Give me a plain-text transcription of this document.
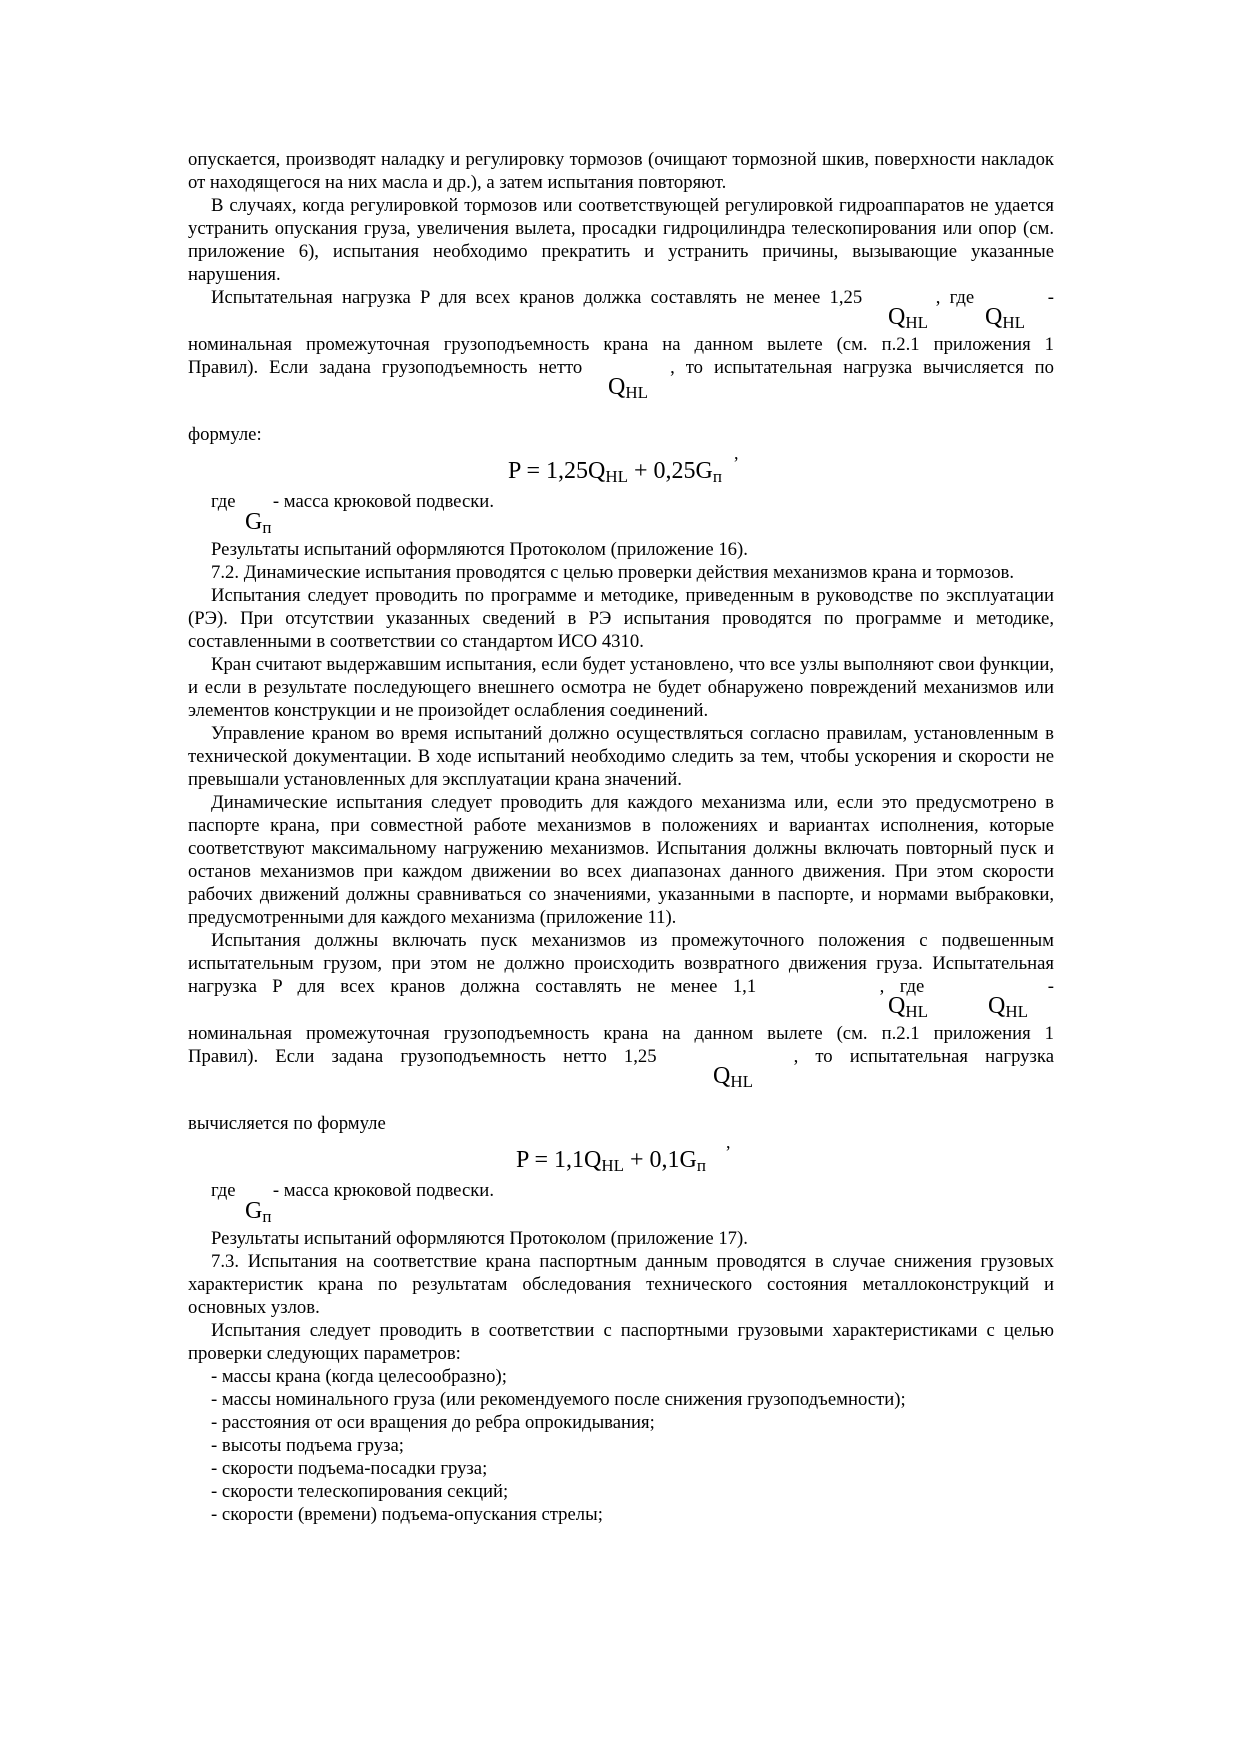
опускается, производят наладку и регулировку тормозов (очищают тормозной шкив, поверхности накладок от находящегося на них масла и др.), а затем испытания повторяют.

В случаях, когда регулировкой тормозов или соответствующей регулировкой гидроаппаратов не удается устранить опускания груза, увеличения вылета, просадки гидроцилиндра телескопирования или опор (см. приложение 6), испытания необходимо прекратить и устранить причины, вызывающие указанные нарушения.

Испытательная нагрузка P для всех кранов должка составлять не менее 1,25        , где        -

$Q_{HL}$ $Q_{HL}$

номинальная промежуточная грузоподъемность крана на данном вылете (см. п.2.1 приложения 1

Правил). Если задана грузоподъемность нетто        , то испытательная нагрузка вычисляется по

$Q_{HL}$

формуле:

,
$P = 1,25Q_{HL} + 0,25G_п$
где        - масса крюковой подвески.
$G_п$

Результаты испытаний оформляются Протоколом (приложение 16).

7.2. Динамические испытания проводятся с целью проверки действия механизмов крана и тормозов.

Испытания следует проводить по программе и методике, приведенным в руководстве по эксплуатации (РЭ). При отсутствии указанных сведений в РЭ испытания проводятся по программе и методике, составленными в соответствии со стандартом ИСО 4310.

Кран считают выдержавшим испытания, если будет установлено, что все узлы выполняют свои функции, и если в результате последующего внешнего осмотра не будет обнаружено повреждений механизмов или элементов конструкции и не произойдет ослабления соединений.

Управление краном во время испытаний должно осуществляться согласно правилам, установленным в технической документации. В ходе испытаний необходимо следить за тем, чтобы ускорения и скорости не превышали установленных для эксплуатации крана значений.

Динамические испытания следует проводить для каждого механизма или, если это предусмотрено в паспорте крана, при совместной работе механизмов в положениях и вариантах исполнения, которые соответствуют максимальному нагружению механизмов. Испытания должны включать повторный пуск и останов механизмов при каждом движении во всех диапазонах данного движения. При этом скорости рабочих движений должны сравниваться со значениями, указанными в паспорте, и нормами выбраковки, предусмотренными для каждого механизма (приложение 11).

Испытания должны включать пуск механизмов из промежуточного положения с подвешенным испытательным грузом, при этом не должно происходить возвратного движения груза. Испытательная нагрузка P для всех кранов должна составлять не менее 1,1        , где        -

$Q_{HL}$ $Q_{HL}$

номинальная промежуточная грузоподъемность крана на данном вылете (см. п.2.1 приложения 1

Правил). Если задана грузоподъемность нетто 1,25        , то испытательная нагрузка

$Q_{HL}$

вычисляется по формуле

,
$P = 1,1Q_{HL} + 0,1G_п$
где        - масса крюковой подвески.
$G_п$

Результаты испытаний оформляются Протоколом (приложение 17).

7.3. Испытания на соответствие крана паспортным данным проводятся в случае снижения грузовых характеристик крана по результатам обследования технического состояния металлоконструкций и основных узлов.

Испытания следует проводить в соответствии с паспортными грузовыми характеристиками с целью проверки следующих параметров:

- массы крана (когда целесообразно);

- массы номинального груза (или рекомендуемого после снижения грузоподъемности);

- расстояния от оси вращения до ребра опрокидывания;

- высоты подъема груза;

- скорости подъема-посадки груза;

- скорости телескопирования секций;

- скорости (времени) подъема-опускания стрелы;
